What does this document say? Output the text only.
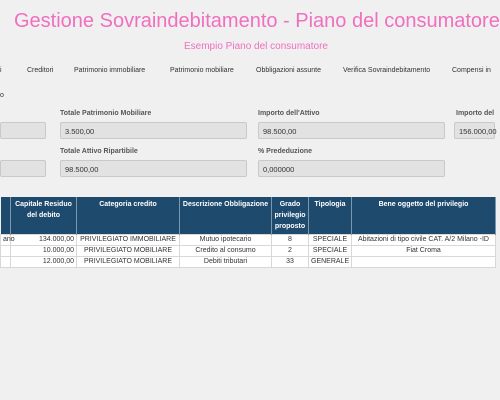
Gestione Sovraindebitamento - Piano del consumatore
Esempio Piano del consumatore
i	Creditori	Patrimonio immobiliare	Patrimonio mobiliare	Obbligazioni assunte	Verifica Sovraindebitamento	Compensi in
o
Totale Patrimonio Mobiliare
3.500,00
Importo dell'Attivo
98.500,00
Importo del
156.000,00
Totale Attivo Ripartibile
98.500,00
% Prededuzione
0,000000

	Capitale Residuo del debito	Categoria credito	Descrizione Obbligazione	Grado privilegio proposto	Tipologia	Bene oggetto del privilegio

ano	134.000,00	PRIVILEGIATO IMMOBILIARE	Mutuo ipotecario	8	SPECIALE	Abitazioni di tipo civile CAT. A/2 Milano -ID
	10.000,00	PRIVILEGIATO MOBILIARE	Credito al consumo	2	SPECIALE	Fiat Croma
	12.000,00	PRIVILEGIATO MOBILIARE	Debiti tributari	33	GENERALE	
